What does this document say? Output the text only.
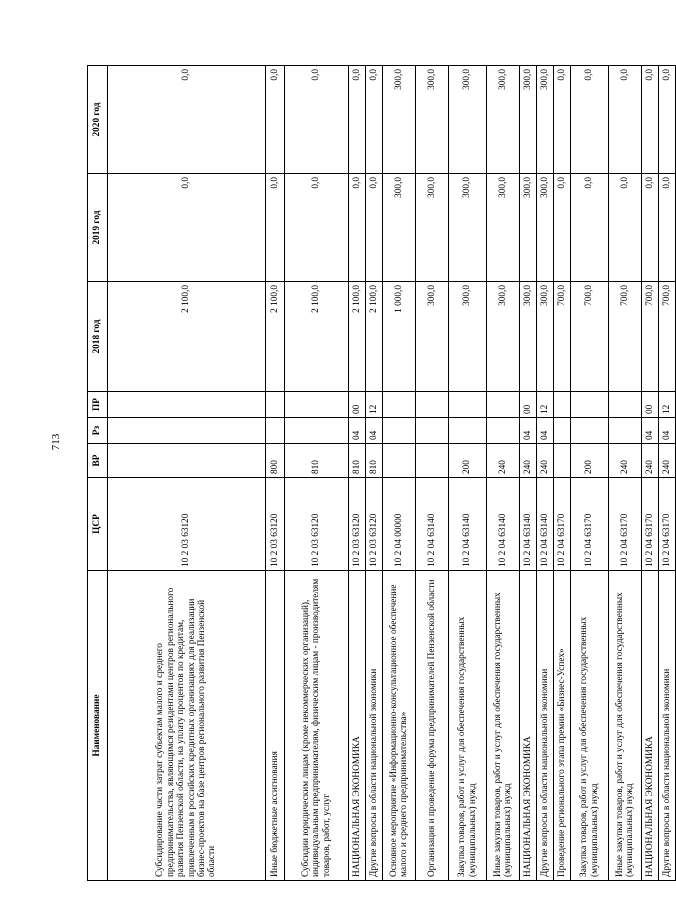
713
Наименование	ЦСР	ВР	Рз	ПР	2018 год	2019 год	2020 год
Субсидирование части затрат субъектам малого и среднего предпринимательства, являющимся резидентами центров регионального развития Пензенской области, на уплату процентов по кредитам, привлеченным в российских кредитных организациях для реализации бизнес-проектов на базе центров регионального развития Пензенской области	10 2 03 63120				2 100,0	0,0	0,0
Иные бюджетные ассигнования	10 2 03 63120	800			2 100,0	0,0	0,0
Субсидии юридическим лицам (кроме некоммерческих организаций), индивидуальным предпринимателям, физическим лицам - производителям товаров, работ, услуг	10 2 03 63120	810			2 100,0	0,0	0,0
НАЦИОНАЛЬНАЯ ЭКОНОМИКА	10 2 03 63120	810	04	00	2 100,0	0,0	0,0
Другие вопросы в области национальной экономики	10 2 03 63120	810	04	12	2 100,0	0,0	0,0
Основное мероприятие «Информационно-консультационное обеспечение малого и среднего предпринимательства»	10 2 04 00000				1 000,0	300,0	300,0
Организация и проведение форума предпринимателей Пензенской области	10 2 04 63140				300,0	300,0	300,0
Закупка товаров, работ и услуг для обеспечения государственных (муниципальных) нужд	10 2 04 63140	200			300,0	300,0	300,0
Иные закупки товаров, работ и услуг для обеспечения государственных (муниципальных) нужд	10 2 04 63140	240			300,0	300,0	300,0
НАЦИОНАЛЬНАЯ ЭКОНОМИКА	10 2 04 63140	240	04	00	300,0	300,0	300,0
Другие вопросы в области национальной экономики	10 2 04 63140	240	04	12	300,0	300,0	300,0
Проведение регионального этапа премии «Бизнес-Успех»	10 2 04 63170				700,0	0,0	0,0
Закупка товаров, работ и услуг для обеспечения государственных (муниципальных) нужд	10 2 04 63170	200			700,0	0,0	0,0
Иные закупки товаров, работ и услуг для обеспечения государственных (муниципальных) нужд	10 2 04 63170	240			700,0	0,0	0,0
НАЦИОНАЛЬНАЯ ЭКОНОМИКА	10 2 04 63170	240	04	00	700,0	0,0	0,0
Другие вопросы в области национальной экономики	10 2 04 63170	240	04	12	700,0	0,0	0,0
